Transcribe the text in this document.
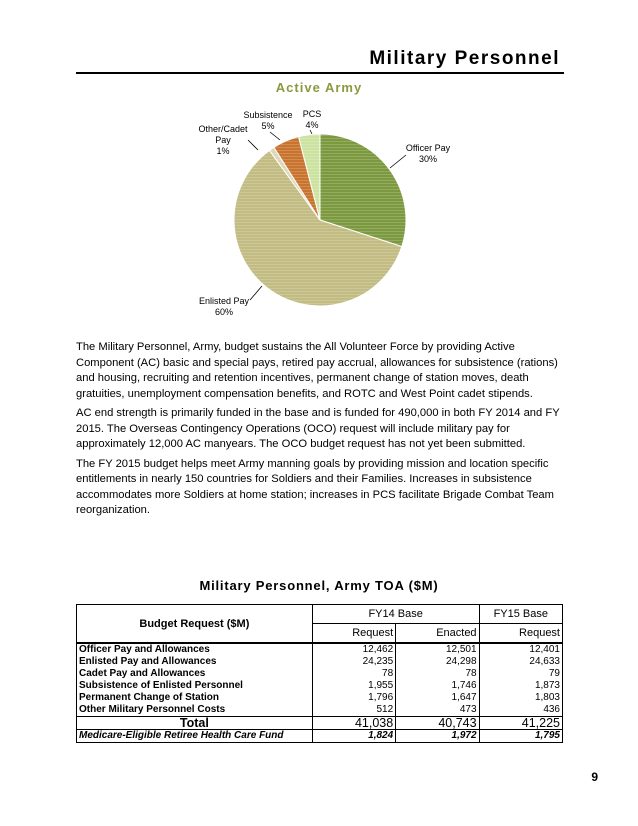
Military Personnel
Active Army
Officer Pay
30%
Enlisted Pay
60%
Other/Cadet
Pay
1%
Subsistence
5%
PCS
4%

The Military Personnel, Army, budget sustains the All Volunteer Force by providing Active Component (AC) basic and special pays, retired pay accrual, allowances for subsistence (rations) and housing, recruiting and retention incentives, permanent change of station moves, death gratuities, unemployment compensation benefits, and ROTC and West Point cadet stipends.

AC end strength is primarily funded in the base and is funded for 490,000 in both FY 2014 and FY 2015. The Overseas Contingency Operations (OCO) request will include military pay for approximately 12,000 AC manyears. The OCO budget request has not yet been submitted.

The FY 2015 budget helps meet Army manning goals by providing mission and location specific entitlements in nearly 150 countries for Soldiers and their Families. Increases in subsistence accommodates more Soldiers at home station; increases in PCS facilitate Brigade Combat Team reorganization.

Military Personnel, Army TOA ($M)
Budget Request ($M)	FY14 Base		FY15 Base
	Request	Enacted	Request
Officer Pay and Allowances	12,462	12,501	12,401
Enlisted Pay and Allowances	24,235	24,298	24,633
Cadet Pay and Allowances	78	78	79
Subsistence of Enlisted Personnel	1,955	1,746	1,873
Permanent Change of Station	1,796	1,647	1,803
Other Military Personnel Costs	512	473	436
Total	41,038	40,743	41,225
Medicare-Eligible Retiree Health Care Fund	1,824	1,972	1,795
9
